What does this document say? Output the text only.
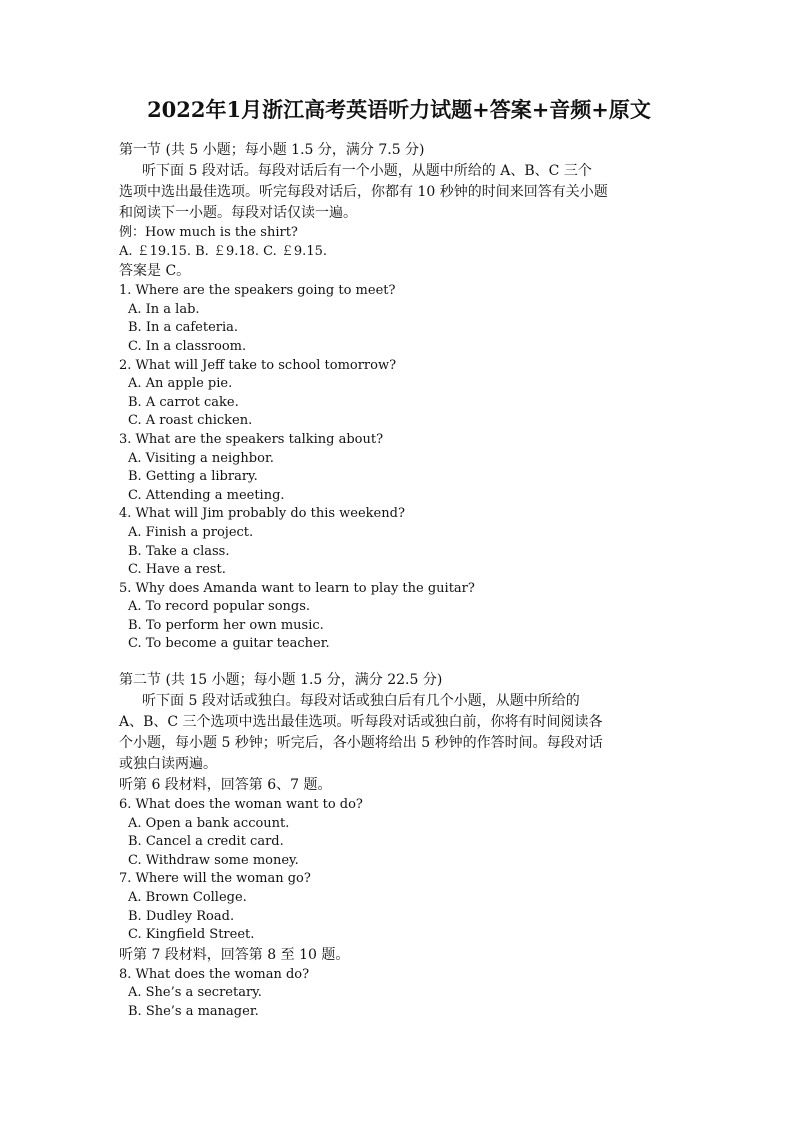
2022年1月浙江高考英语听力试题+答案+音频+原文
第一节 (共 5 小题；每小题 1.5 分，满分 7.5 分)
听下面 5 段对话。每段对话后有一个小题，从题中所给的 A、B、C 三个
选项中选出最佳选项。听完每段对话后，你都有 10 秒钟的时间来回答有关小题
和阅读下一小题。每段对话仅读一遍。
例：How much is the shirt?
A. ￡19.15. B. ￡9.18. C. ￡9.15.
答案是 C。
1. Where are the speakers going to meet?
A. In a lab.
B. In a cafeteria.
C. In a classroom.
2. What will Jeff take to school tomorrow?
A. An apple pie.
B. A carrot cake.
C. A roast chicken.
3. What are the speakers talking about?
A. Visiting a neighbor.
B. Getting a library.
C. Attending a meeting.
4. What will Jim probably do this weekend?
A. Finish a project.
B. Take a class.
C. Have a rest.
5. Why does Amanda want to learn to play the guitar?
A. To record popular songs.
B. To perform her own music.
C. To become a guitar teacher.
第二节 (共 15 小题；每小题 1.5 分，满分 22.5 分)
听下面 5 段对话或独白。每段对话或独白后有几个小题，从题中所给的
A、B、C 三个选项中选出最佳选项。听每段对话或独白前，你将有时间阅读各
个小题，每小题 5 秒钟；听完后，各小题将给出 5 秒钟的作答时间。每段对话
或独白读两遍。
听第 6 段材料，回答第 6、7 题。
6. What does the woman want to do?
A. Open a bank account.
B. Cancel a credit card.
C. Withdraw some money.
7. Where will the woman go?
A. Brown College.
B. Dudley Road.
C. Kingfield Street.
听第 7 段材料，回答第 8 至 10 题。
8. What does the woman do?
A. She’s a secretary.
B. She’s a manager.
